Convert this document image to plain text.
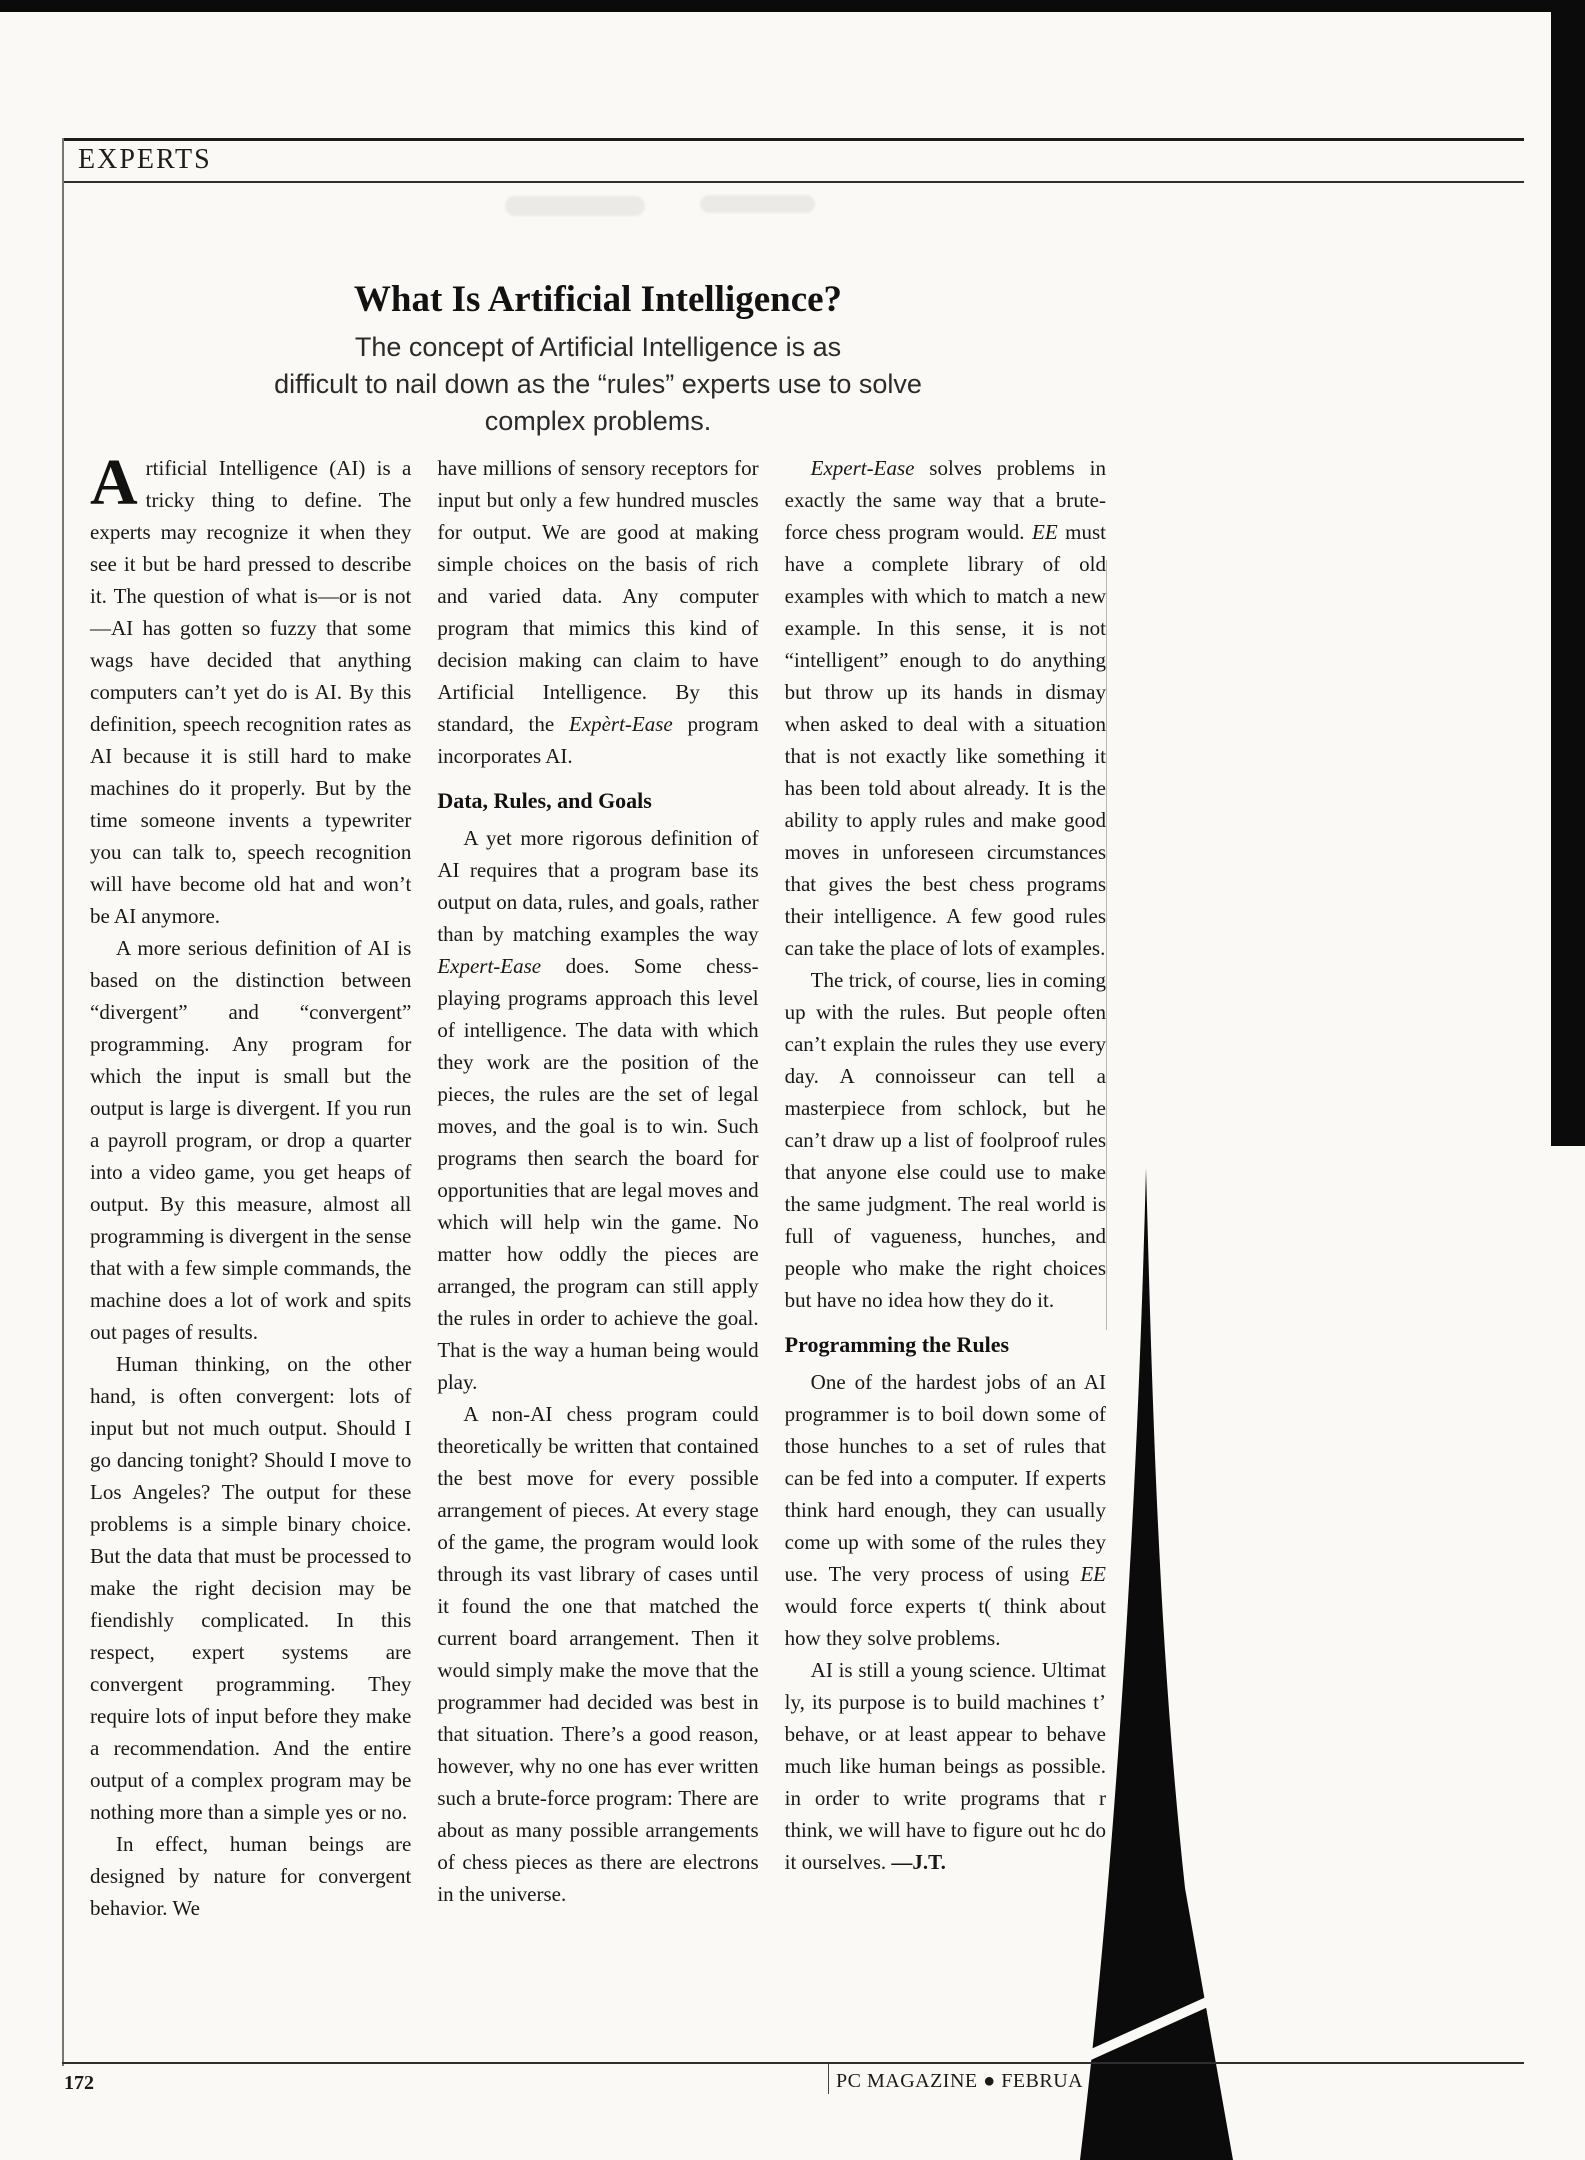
EXPERTS
What Is Artificial Intelligence?
The concept of Artificial Intelligence is as
difficult to nail down as the “rules” experts use to solve
complex problems.

Artificial Intelligence (AI) is a tricky thing to define. The experts may recognize it when they see it but be hard pressed to describe it. The question of what is—or is not—AI has gotten so fuzzy that some wags have decided that anything computers can’t yet do is AI. By this definition, speech recognition rates as AI because it is still hard to make machines do it properly. But by the time someone invents a typewriter you can talk to, speech recognition will have become old hat and won’t be AI anymore.

A more serious definition of AI is based on the distinction between “divergent” and “convergent” programming. Any program for which the input is small but the output is large is divergent. If you run a payroll program, or drop a quarter into a video game, you get heaps of output. By this measure, almost all programming is divergent in the sense that with a few simple commands, the machine does a lot of work and spits out pages of results.

Human thinking, on the other hand, is often convergent: lots of input but not much output. Should I go dancing tonight? Should I move to Los Angeles? The output for these problems is a simple binary choice. But the data that must be processed to make the right decision may be fiendishly complicated. In this respect, expert systems are convergent programming. They require lots of input before they make a recommendation. And the entire output of a complex program may be nothing more than a simple yes or no.

In effect, human beings are designed by nature for convergent behavior. We

have millions of sensory receptors for input but only a few hundred muscles for output. We are good at making simple choices on the basis of rich and varied data. Any computer program that mimics this kind of decision making can claim to have Artificial Intelligence. By this standard, the Expèrt-Ease program incorporates AI.

Data, Rules, and Goals

A yet more rigorous definition of AI requires that a program base its output on data, rules, and goals, rather than by matching examples the way Expert-Ease does. Some chess-playing programs approach this level of intelligence. The data with which they work are the position of the pieces, the rules are the set of legal moves, and the goal is to win. Such programs then search the board for opportunities that are legal moves and which will help win the game. No matter how oddly the pieces are arranged, the program can still apply the rules in order to achieve the goal. That is the way a human being would play.

A non-AI chess program could theoretically be written that contained the best move for every possible arrangement of pieces. At every stage of the game, the program would look through its vast library of cases until it found the one that matched the current board arrangement. Then it would simply make the move that the programmer had decided was best in that situation. There’s a good reason, however, why no one has ever written such a brute-force program: There are about as many possible arrangements of chess pieces as there are electrons in the universe.

Expert-Ease solves problems in exactly the same way that a brute-force chess program would. EE must have a complete library of old examples with which to match a new example. In this sense, it is not “intelligent” enough to do anything but throw up its hands in dismay when asked to deal with a situation that is not exactly like something it has been told about already. It is the ability to apply rules and make good moves in unforeseen circumstances that gives the best chess programs their intelligence. A few good rules can take the place of lots of examples.

The trick, of course, lies in coming up with the rules. But people often can’t explain the rules they use every day. A connoisseur can tell a masterpiece from schlock, but he can’t draw up a list of foolproof rules that anyone else could use to make the same judgment. The real world is full of vagueness, hunches, and people who make the right choices but have no idea how they do it.

Programming the Rules

One of the hardest jobs of an AI programmer is to boil down some of those hunches to a set of rules that can be fed into a computer. If experts think hard enough, they can usually come up with some of the rules they use. The very process of using EE would force experts t( think about how they solve problems.

AI is still a young science. Ultimat ly, its purpose is to build machines t’ behave, or at least appear to behave much like human beings as possible. in order to write programs that r think, we will have to figure out hc do it ourselves. —J.T.

172	PC MAGAZINE ● FEBRUA
